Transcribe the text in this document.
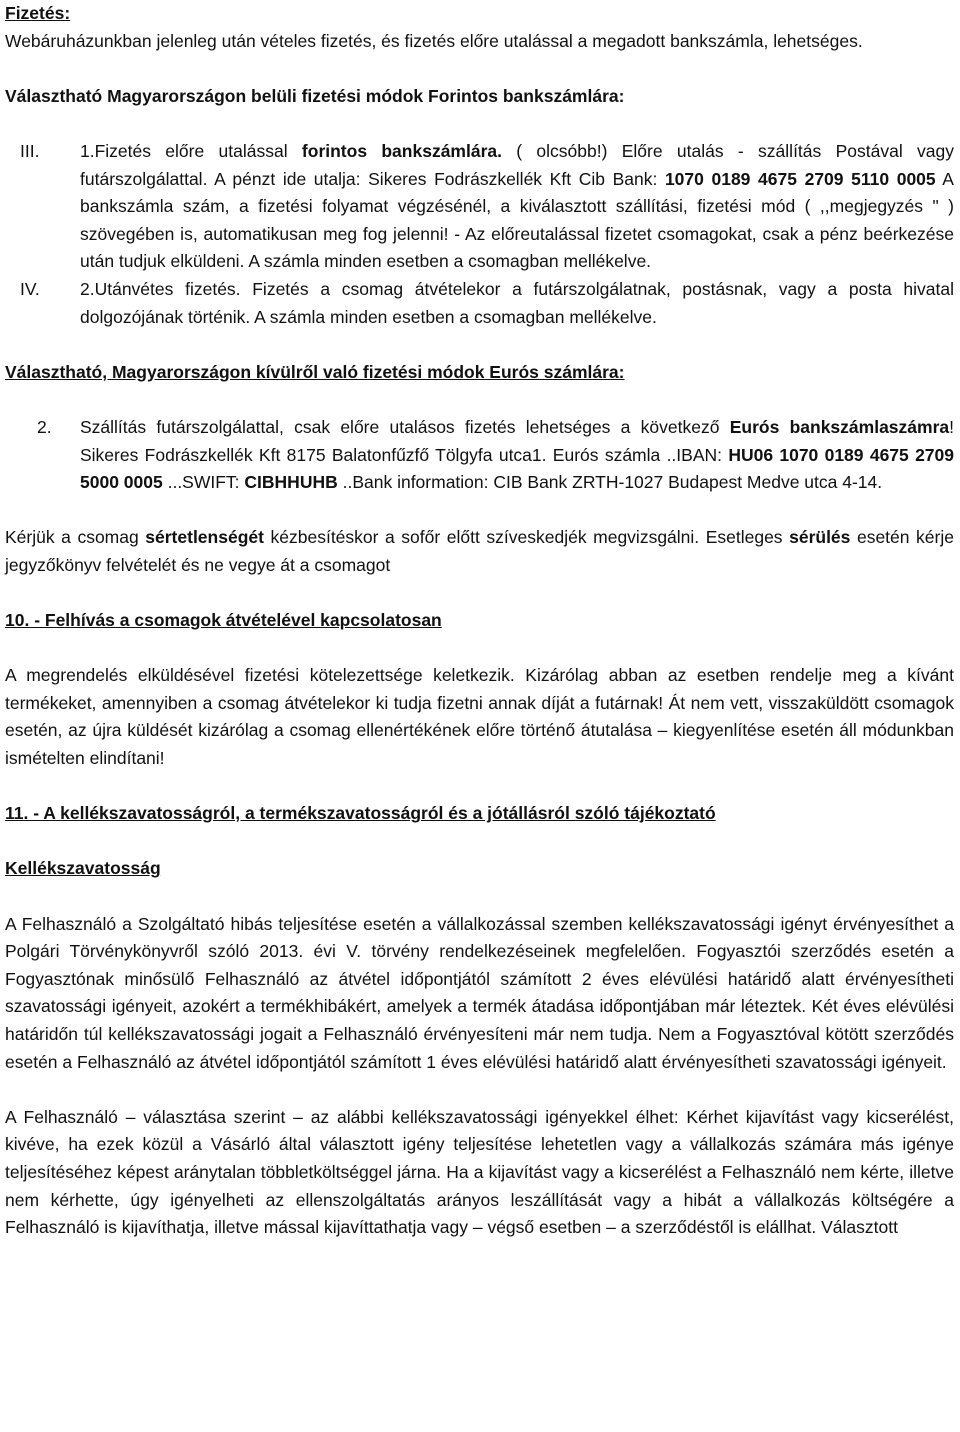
Fizetés:

Webáruházunkban jelenleg után vételes fizetés, és fizetés előre utalással a megadott bankszámla, lehetséges.

Választható Magyarországon belüli fizetési módok Forintos bankszámlára:

III.	1.Fizetés előre utalással forintos bankszámlára. ( olcsóbb!) Előre utalás - szállítás Postával vagy futárszolgálattal. A pénzt ide utalja: Sikeres Fodrászkellék Kft Cib Bank: 1070 0189 4675 2709 5110 0005 A bankszámla szám, a fizetési folyamat végzésénél, a kiválasztott szállítási, fizetési mód ( ,,megjegyzés " ) szövegében is, automatikusan meg fog jelenni! - Az előreutalással fizetet csomagokat, csak a pénz beérkezése után tudjuk elküldeni. A számla minden esetben a csomagban mellékelve.
IV.	2.Utánvétes fizetés. Fizetés a csomag átvételekor a futárszolgálatnak, postásnak, vagy a posta hivatal dolgozójának történik. A számla minden esetben a csomagban mellékelve.

Választható, Magyarországon kívülről való fizetési módok Eurós számlára:

2.	Szállítás futárszolgálattal, csak előre utalásos fizetés lehetséges a következő Eurós bankszámlaszámra! Sikeres Fodrászkellék Kft 8175 Balatonfűzfő Tölgyfa utca1. Eurós számla ..IBAN: HU06 1070 0189 4675 2709 5000 0005 ...SWIFT: CIBHHUHB ..Bank information: CIB Bank ZRTH-1027 Budapest Medve utca 4-14.

Kérjük a csomag sértetlenségét kézbesítéskor a sofőr előtt szíveskedjék megvizsgálni. Esetleges sérülés esetén kérje jegyzőkönyv felvételét és ne vegye át a csomagot

10. - Felhívás a csomagok átvételével kapcsolatosan

A megrendelés elküldésével fizetési kötelezettsége keletkezik. Kizárólag abban az esetben rendelje meg a kívánt termékeket, amennyiben a csomag átvételekor ki tudja fizetni annak díját a futárnak! Át nem vett, visszaküldött csomagok esetén, az újra küldését kizárólag a csomag ellenértékének előre történő átutalása – kiegyenlítése esetén áll módunkban ismételten elindítani!

11. - A kellékszavatosságról, a termékszavatosságról és a jótállásról szóló tájékoztató

Kellékszavatosság

A Felhasználó a Szolgáltató hibás teljesítése esetén a vállalkozással szemben kellékszavatossági igényt érvényesíthet a Polgári Törvénykönyvről szóló 2013. évi V. törvény rendelkezéseinek megfelelően. Fogyasztói szerződés esetén a Fogyasztónak minősülő Felhasználó az átvétel időpontjától számított 2 éves elévülési határidő alatt érvényesítheti szavatossági igényeit, azokért a termékhibákért, amelyek a termék átadása időpontjában már léteztek. Két éves elévülési határidőn túl kellékszavatossági jogait a Felhasználó érvényesíteni már nem tudja. Nem a Fogyasztóval kötött szerződés esetén a Felhasználó az átvétel időpontjától számított 1 éves elévülési határidő alatt érvényesítheti szavatossági igényeit.

A Felhasználó – választása szerint – az alábbi kellékszavatossági igényekkel élhet: Kérhet kijavítást vagy kicserélést, kivéve, ha ezek közül a Vásárló által választott igény teljesítése lehetetlen vagy a vállalkozás számára más igénye teljesítéséhez képest aránytalan többletköltséggel járna. Ha a kijavítást vagy a kicserélést a Felhasználó nem kérte, illetve nem kérhette, úgy igényelheti az ellenszolgáltatás arányos leszállítását vagy a hibát a vállalkozás költségére a Felhasználó is kijavíthatja, illetve mással kijavíttathatja vagy – végső esetben – a szerződéstől is elállhat. Választott
